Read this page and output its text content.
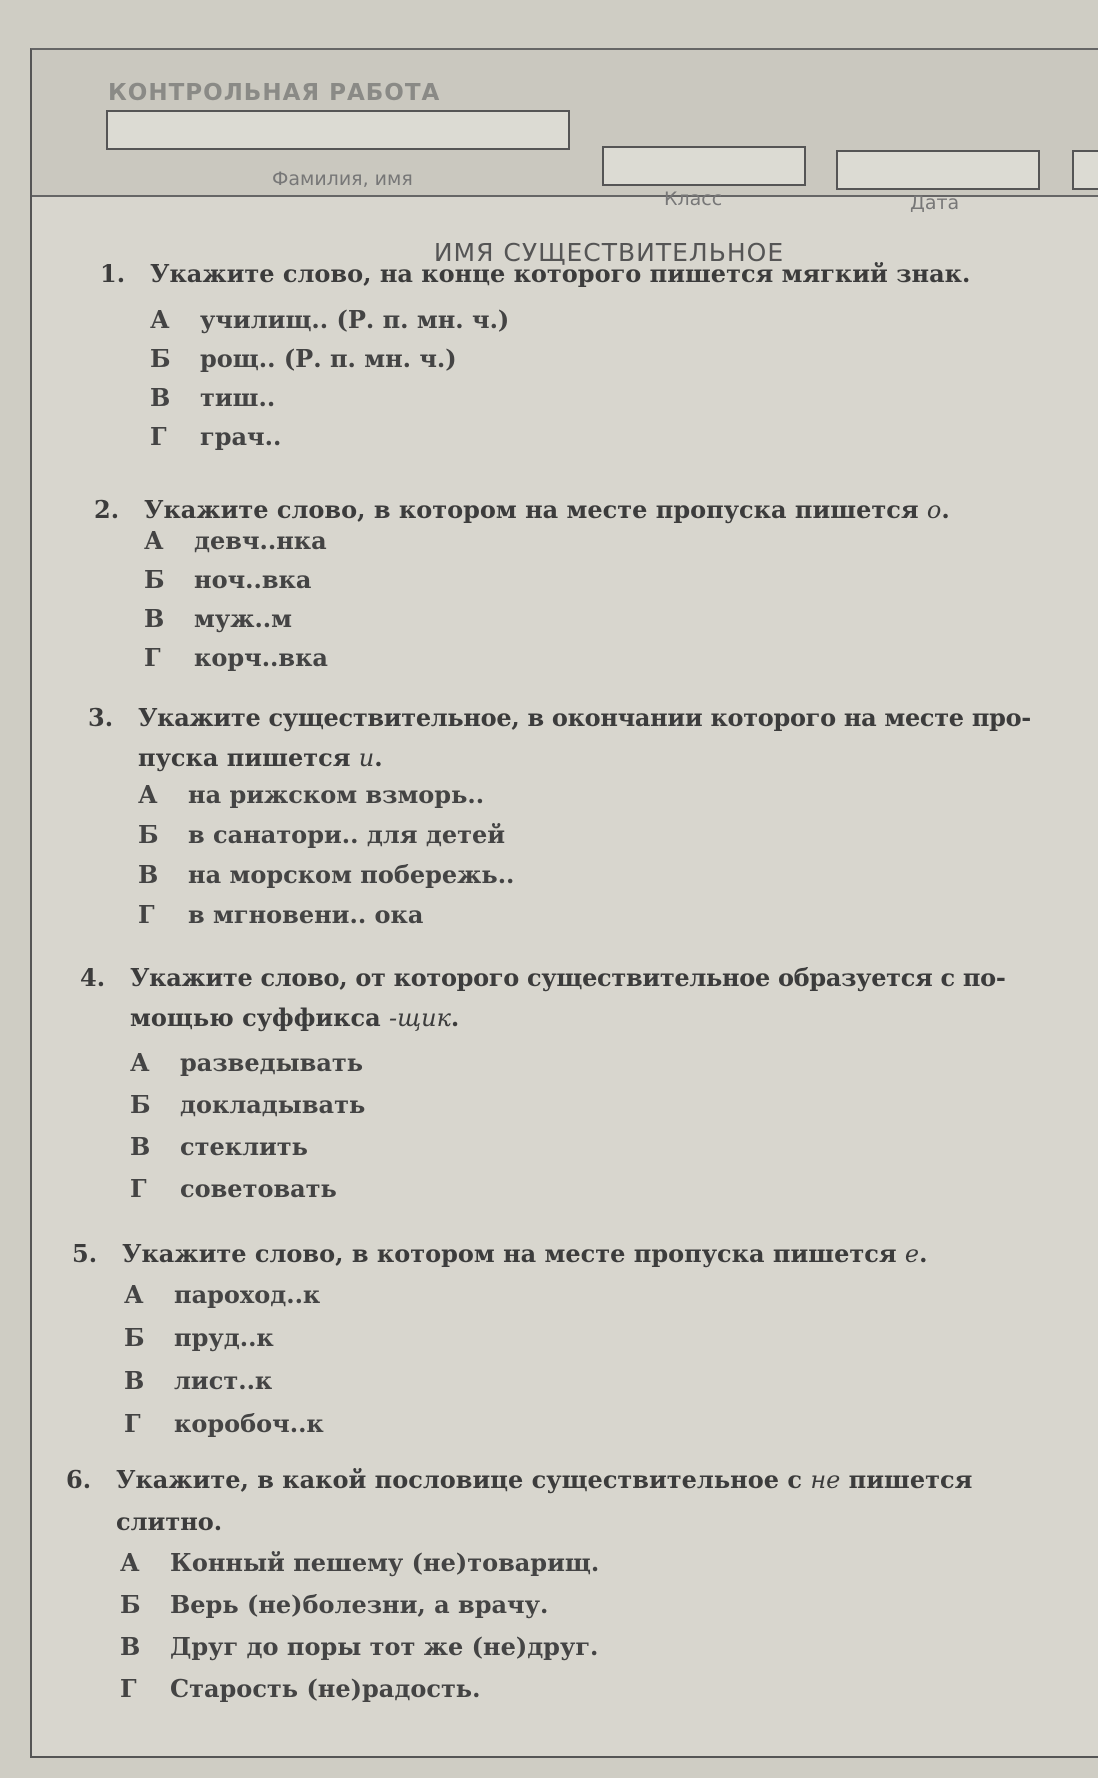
КОНТРОЛЬНАЯ РАБОТА
Фамилия, имя
Класс	Дата
ИМЯ СУЩЕСТВИТЕЛЬНОЕ
1. Укажите слово, на конце которого пишется мягкий знак.
А училищ.. (Р. п. мн. ч.)
Б рощ.. (Р. п. мн. ч.)
В тиш..
Г грач..
2. Укажите слово, в котором на месте пропуска пишется о.
А девч..нка
Б ноч..вка
В муж..м
Г корч..вка
3. Укажите существительное, в окончании которого на месте про-
пуска пишется и.
А на рижском взморь..
Б в санатори.. для детей
В на морском побережь..
Г в мгновени.. ока
4. Укажите слово, от которого существительное образуется с по-
мощью суффикса -щик.
А разведывать
Б докладывать
В стеклить
Г советовать
5. Укажите слово, в котором на месте пропуска пишется е.
А пароход..к
Б пруд..к
В лист..к
Г коробоч..к
6. Укажите, в какой пословице существительное с не пишется
слитно.
А Конный пешему (не)товарищ.
Б Верь (не)болезни, а врачу.
В Друг до поры тот же (не)друг.
Г Старость (не)радость.
